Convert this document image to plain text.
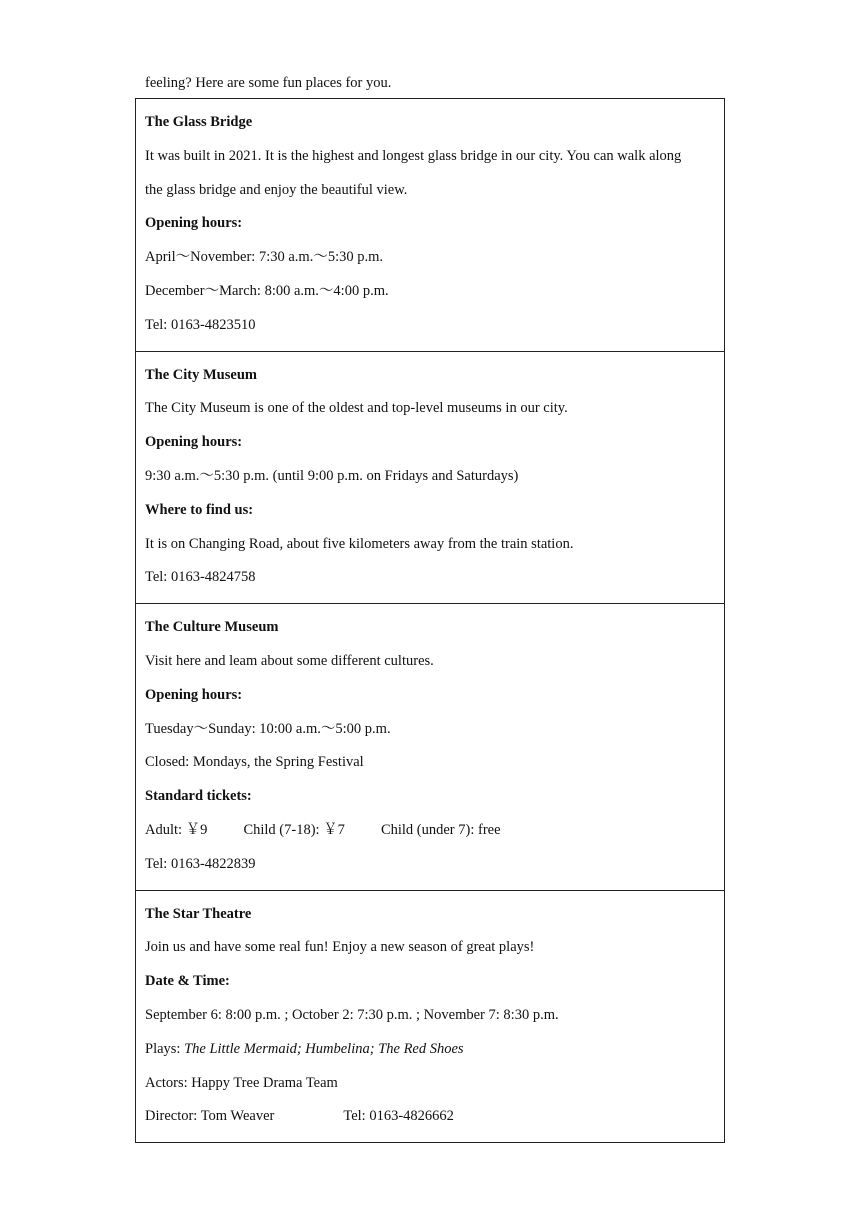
feeling? Here are some fun places for you.
The Glass Bridge
It was built in 2021. It is the highest and longest glass bridge in our city. You can walk along
the glass bridge and enjoy the beautiful view.
Opening hours:
April～November: 7:30 a.m.～5:30 p.m.
December～March: 8:00 a.m.～4:00 p.m.
Tel: 0163-4823510

The City Museum
The City Museum is one of the oldest and top-level museums in our city.
Opening hours:
9:30 a.m.～5:30 p.m. (until 9:00 p.m. on Fridays and Saturdays)
Where to find us:
It is on Changing Road, about five kilometers away from the train station.
Tel: 0163-4824758

The Culture Museum
Visit here and leam about some different cultures.
Opening hours:
Tuesday～Sunday: 10:00 a.m.～5:00 p.m.
Closed: Mondays, the Spring Festival
Standard tickets:
Adult: ￥9 Child (7-18): ￥7 Child (under 7): free
Tel: 0163-4822839

The Star Theatre
Join us and have some real fun! Enjoy a new season of great plays!
Date & Time:
September 6: 8:00 p.m. ; October 2: 7:30 p.m. ; November 7: 8:30 p.m.
Plays: The Little Mermaid; Humbelina; The Red Shoes
Actors: Happy Tree Drama Team
Director: Tom Weaver	Tel: 0163-4826662
